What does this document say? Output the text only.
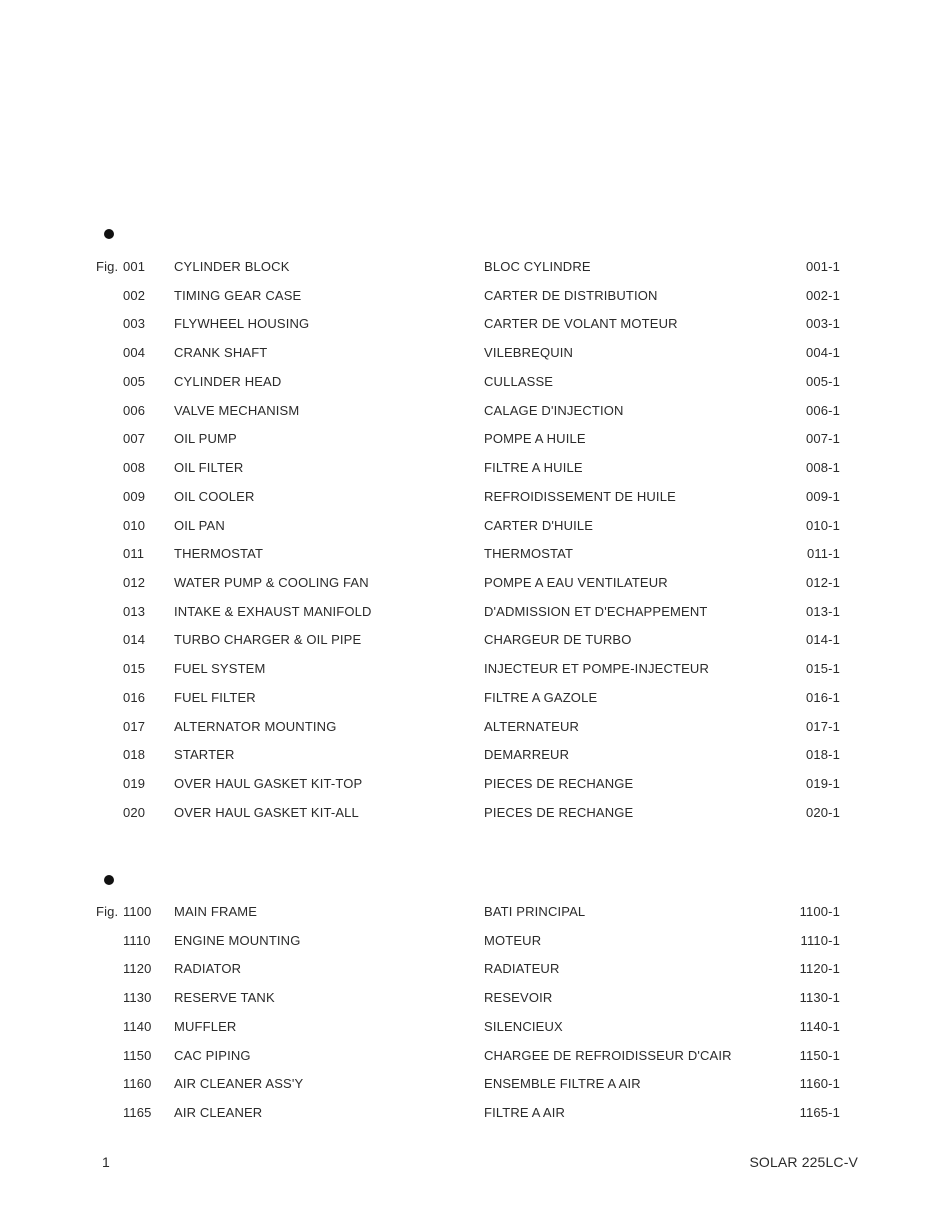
Fig. 001 CYLINDER BLOCK	BLOC CYLINDRE	001-1
002 TIMING GEAR CASE	CARTER DE DISTRIBUTION	002-1
003 FLYWHEEL HOUSING	CARTER DE VOLANT MOTEUR	003-1
004 CRANK SHAFT	VILEBREQUIN	004-1
005 CYLINDER HEAD	CULLASSE	005-1
006 VALVE MECHANISM	CALAGE D'INJECTION	006-1
007 OIL PUMP	POMPE A HUILE	007-1
008 OIL FILTER	FILTRE A HUILE	008-1
009 OIL COOLER	REFROIDISSEMENT DE HUILE	009-1
010 OIL PAN	CARTER D'HUILE	010-1
011 THERMOSTAT	THERMOSTAT	011-1
012 WATER PUMP & COOLING FAN	POMPE A EAU VENTILATEUR	012-1
013 INTAKE & EXHAUST MANIFOLD	D'ADMISSION ET D'ECHAPPEMENT	013-1
014 TURBO CHARGER & OIL PIPE	CHARGEUR DE TURBO	014-1
015 FUEL SYSTEM	INJECTEUR ET POMPE-INJECTEUR	015-1
016 FUEL FILTER	FILTRE A GAZOLE	016-1
017 ALTERNATOR MOUNTING	ALTERNATEUR	017-1
018 STARTER	DEMARREUR	018-1
019 OVER HAUL GASKET KIT-TOP	PIECES DE RECHANGE	019-1
020 OVER HAUL GASKET KIT-ALL	PIECES DE RECHANGE	020-1
Fig. 1100 MAIN FRAME	BATI PRINCIPAL	1100-1
1110 ENGINE MOUNTING	MOTEUR	1110-1
1120 RADIATOR	RADIATEUR	1120-1
1130 RESERVE TANK	RESEVOIR	1130-1
1140 MUFFLER	SILENCIEUX	1140-1
1150 CAC PIPING	CHARGEE DE REFROIDISSEUR D'CAIR	1150-1
1160 AIR CLEANER ASS'Y	ENSEMBLE FILTRE A AIR	1160-1
1165 AIR CLEANER	FILTRE A AIR	1165-1
1	SOLAR 225LC-V
